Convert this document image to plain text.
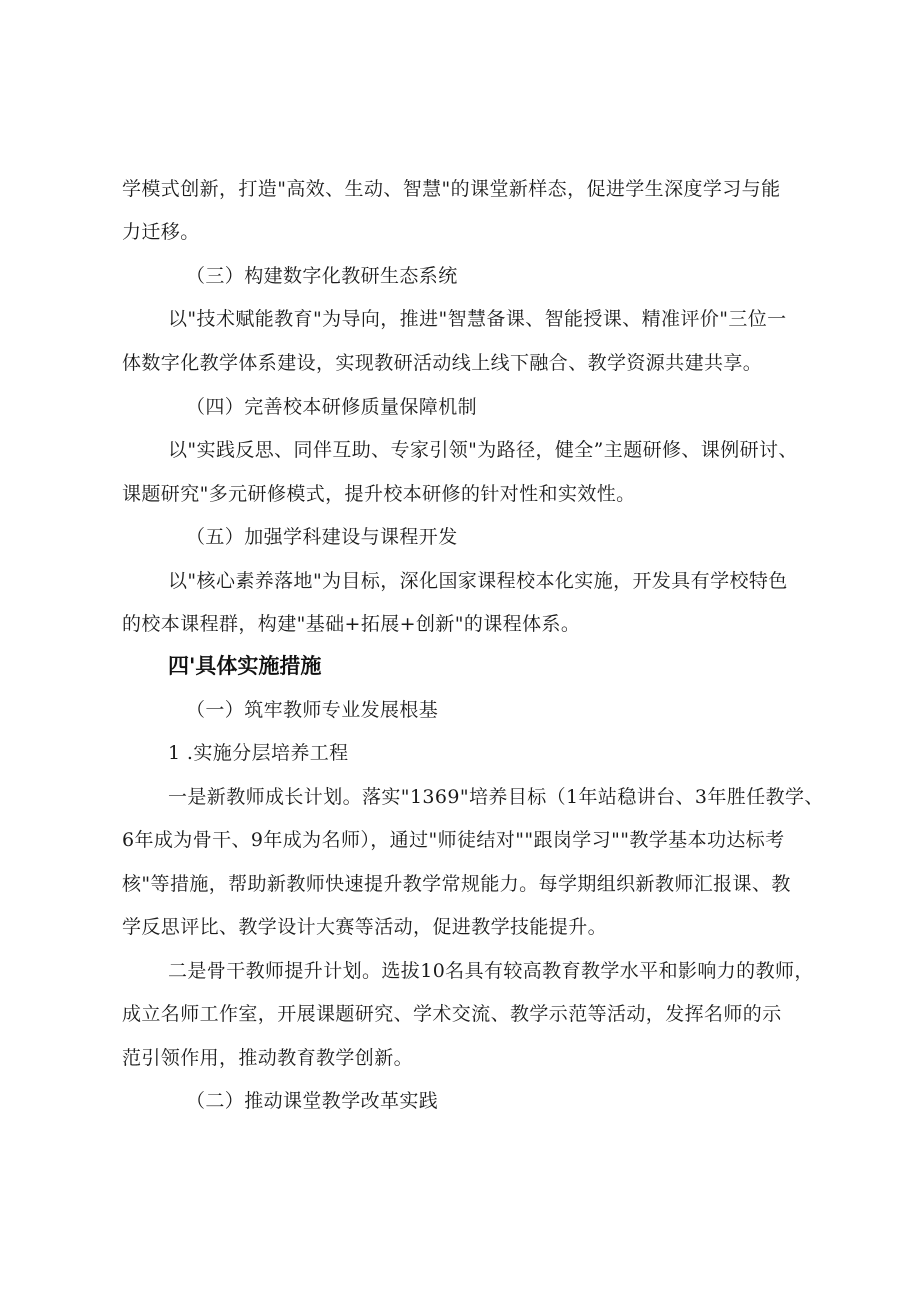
学模式创新，打造"高效、生动、智慧"的课堂新样态，促进学生深度学习与能
力迁移。
（三）构建数字化教研生态系统
以"技术赋能教育"为导向，推进"智慧备课、智能授课、精准评价"三位一
体数字化教学体系建设，实现教研活动线上线下融合、教学资源共建共享。
（四）完善校本研修质量保障机制
以"实践反思、同伴互助、专家引领"为路径，健全”主题研修、课例研讨、
课题研究"多元研修模式，提升校本研修的针对性和实效性。
（五）加强学科建设与课程开发
以"核心素养落地"为目标，深化国家课程校本化实施，开发具有学校特色
的校本课程群，构建"基础+拓展+创新"的课程体系。
四'具体实施措施
（一）筑牢教师专业发展根基
1 .实施分层培养工程
一是新教师成长计划。落实"1369"培养目标（1年站稳讲台、3年胜任教学、
6年成为骨干、9年成为名师），通过"师徒结对""跟岗学习""教学基本功达标考
核"等措施，帮助新教师快速提升教学常规能力。每学期组织新教师汇报课、教
学反思评比、教学设计大赛等活动，促进教学技能提升。
二是骨干教师提升计划。选拔10名具有较高教育教学水平和影响力的教师，
成立名师工作室，开展课题研究、学术交流、教学示范等活动，发挥名师的示
范引领作用，推动教育教学创新。
（二）推动课堂教学改革实践
